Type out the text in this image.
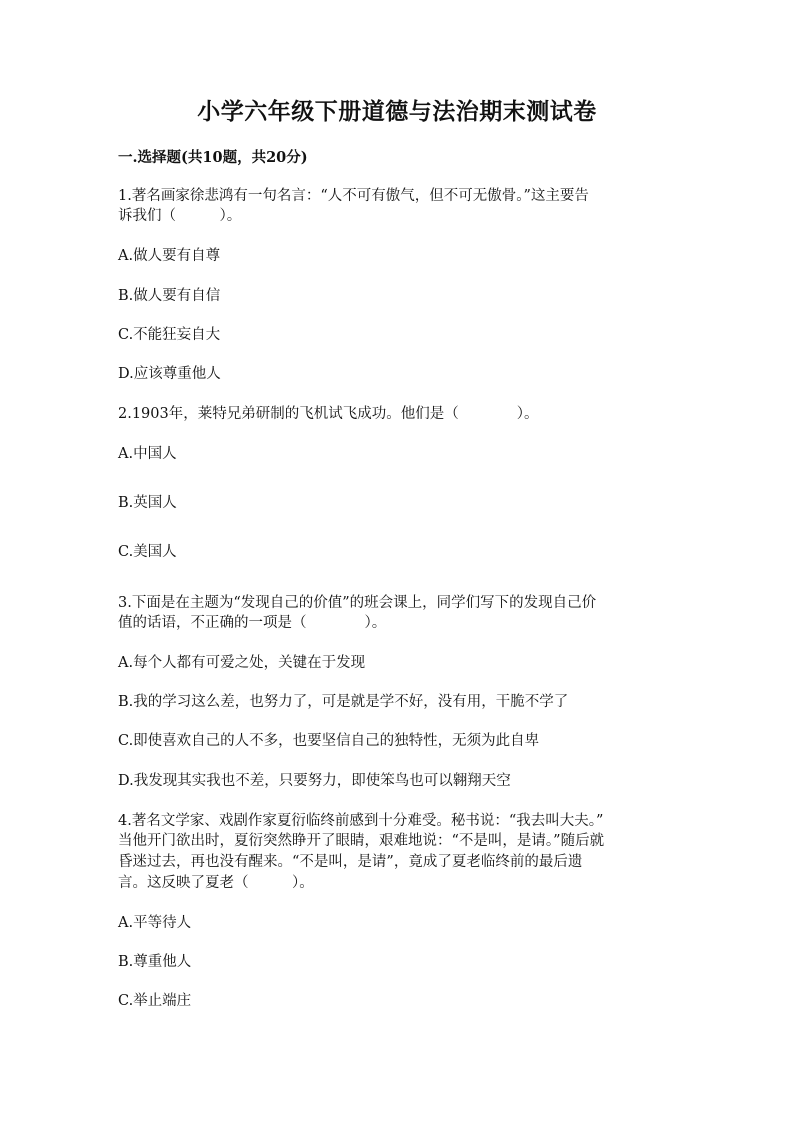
小学六年级下册道德与法治期末测试卷
一.选择题(共10题，共20分)
1.著名画家徐悲鸿有一句名言：“人不可有傲气，但不可无傲骨。”这主要告
诉我们（　　　）。
A.做人要有自尊
B.做人要有自信
C.不能狂妄自大
D.应该尊重他人
2.1903年，莱特兄弟研制的飞机试飞成功。他们是（　　　　）。
A.中国人
B.英国人
C.美国人
3.下面是在主题为“发现自己的价值”的班会课上，同学们写下的发现自己价
值的话语，不正确的一项是（　　　　）。
A.每个人都有可爱之处，关键在于发现
B.我的学习这么差，也努力了，可是就是学不好，没有用，干脆不学了
C.即使喜欢自己的人不多，也要坚信自己的独特性，无须为此自卑
D.我发现其实我也不差，只要努力，即使笨鸟也可以翱翔天空
4.著名文学家、戏剧作家夏衍临终前感到十分难受。秘书说：“我去叫大夫。”
当他开门欲出时，夏衍突然睁开了眼睛，艰难地说：“不是叫，是请。”随后就
昏迷过去，再也没有醒来。“不是叫，是请”，竟成了夏老临终前的最后遗
言。这反映了夏老（　　　）。
A.平等待人
B.尊重他人
C.举止端庄
